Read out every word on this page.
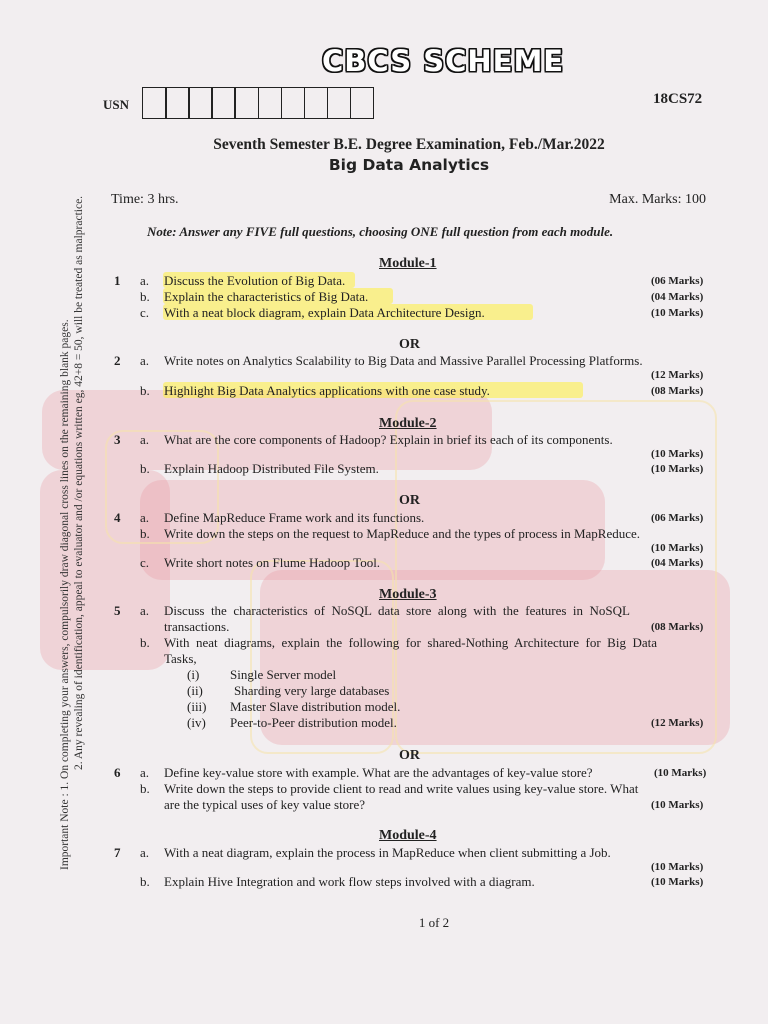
CBCS SCHEME
USN	18CS72
Seventh Semester B.E. Degree Examination, Feb./Mar.2022
Big Data Analytics
Time: 3 hrs.	Max. Marks: 100
Note: Answer any FIVE full questions, choosing ONE full question from each module.
Important Note : 1. On completing your answers, compulsorily draw diagonal cross lines on the remaining blank pages. 2. Any revealing of identification, appeal to evaluator and /or equations written eg, 42+8 = 50, will be treated as malpractice.	Module-1
1 a. Discuss the Evolution of Big Data.	(06 Marks)
b. Explain the characteristics of Big Data.	(04 Marks)
c. With a neat block diagram, explain Data Architecture Design.	(10 Marks)
OR
2 a. Write notes on Analytics Scalability to Big Data and Massive Parallel Processing Platforms.
(12 Marks)
b. Highlight Big Data Analytics applications with one case study.	(08 Marks)
Module-2
3 a. What are the core components of Hadoop? Explain in brief its each of its components.
(10 Marks)
b. Explain Hadoop Distributed File System.	(10 Marks)
OR
4 a. Define MapReduce Frame work and its functions.	(06 Marks)
b. Write down the steps on the request to MapReduce and the types of process in MapReduce.
(10 Marks)
c. Write short notes on Flume Hadoop Tool.	(04 Marks)
Module-3
5 a. Discuss  the  characteristics  of  NoSQL  data  store  along  with  the  features  in  NoSQL
transactions.	(08 Marks)
b. With  neat  diagrams,  explain  the  following  for  shared-Nothing  Architecture  for  Big  Data
Tasks,
(i) Single Server model
(ii) Sharding very large databases
(iii) Master Slave distribution model.
(iv) Peer-to-Peer distribution model.	(12 Marks)
OR
6 a. Define key-value store with example. What are the advantages of key-value store?	(10 Marks)
b. Write down the steps to provide client to read and write values using key-value store. What
are the typical uses of key value store?	(10 Marks)
Module-4
7 a. With a neat diagram, explain the process in MapReduce when client submitting a Job.
(10 Marks)
b. Explain Hive Integration and work flow steps involved with a diagram.	(10 Marks)
1 of 2
